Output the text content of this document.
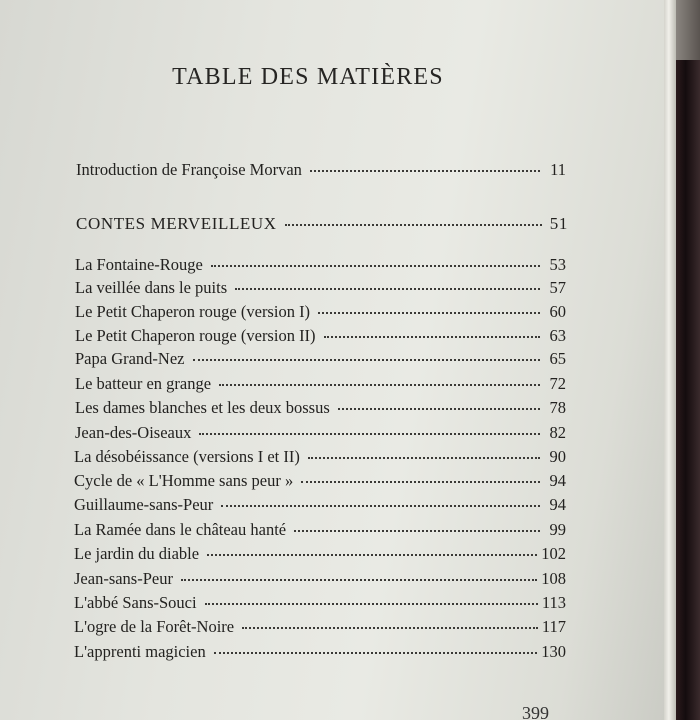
TABLE DES MATIÈRES
Introduction de Françoise Morvan	11
CONTES MERVEILLEUX	51
La Fontaine-Rouge	53
La veillée dans le puits	57
Le Petit Chaperon rouge (version I)	60
Le Petit Chaperon rouge (version II)	63
Papa Grand-Nez	65
Le batteur en grange	72
Les dames blanches et les deux bossus	78
Jean-des-Oiseaux	82
La désobéissance (versions I et II)	90
Cycle de « L'Homme sans peur »	94
Guillaume-sans-Peur	94
La Ramée dans le château hanté	99
Le jardin du diable	102
Jean-sans-Peur	108
L'abbé Sans-Souci	113
L'ogre de la Forêt-Noire	117
L'apprenti magicien	130
399
